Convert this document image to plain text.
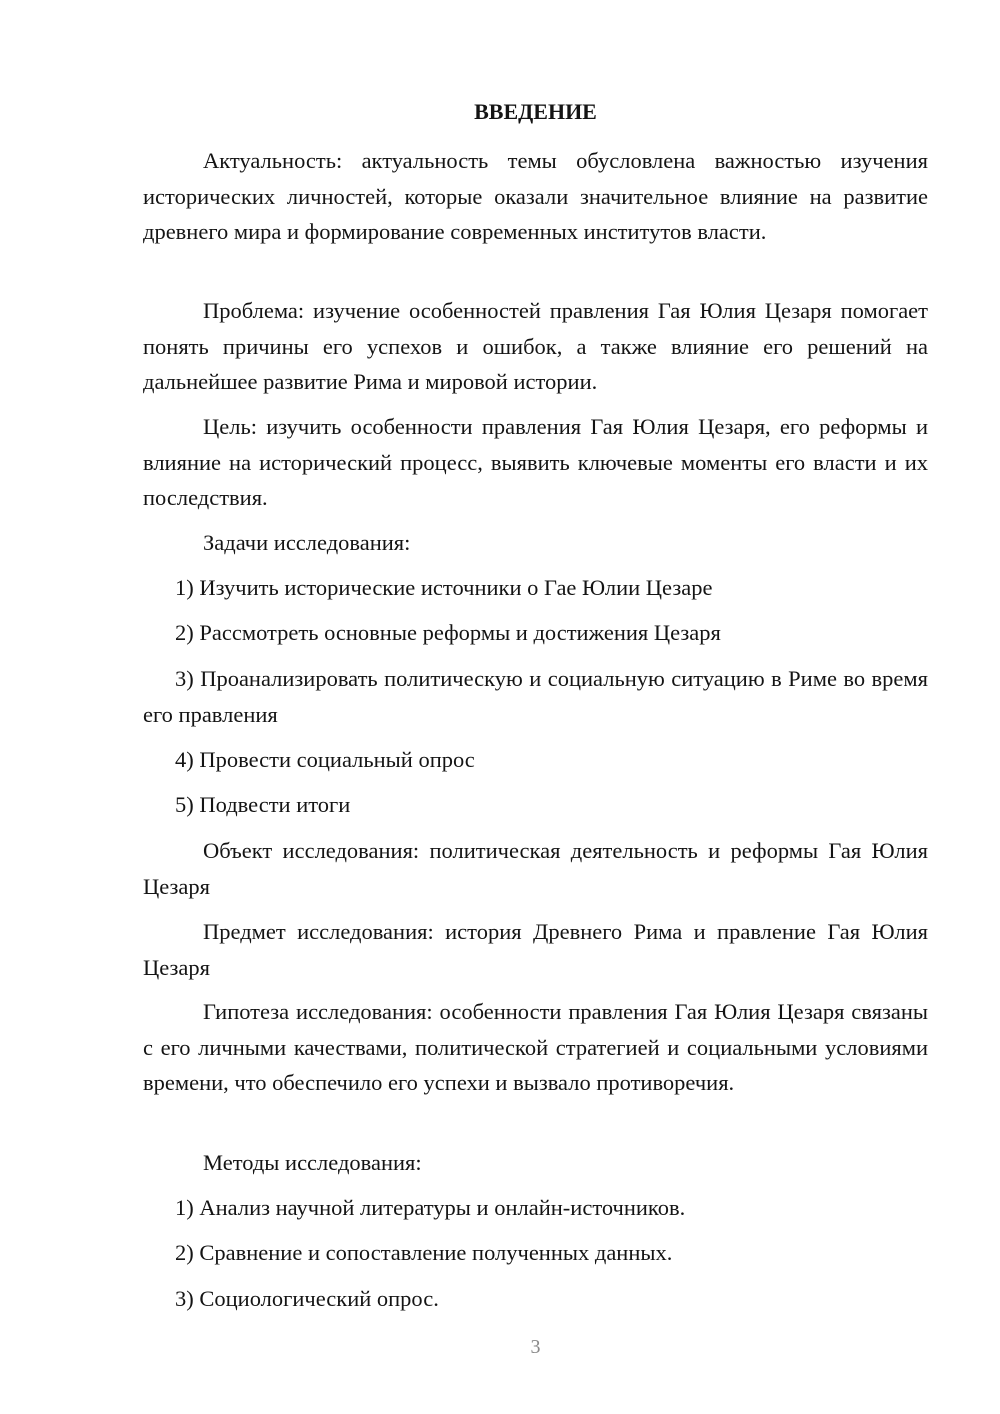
ВВЕДЕНИЕ

Актуальность: актуальность темы обусловлена важностью изучения исторических личностей, которые оказали значительное влияние на развитие древнего мира и формирование современных институтов власти.

Проблема: изучение особенностей правления Гая Юлия Цезаря помогает понять причины его успехов и ошибок, а также влияние его решений на дальнейшее развитие Рима и мировой истории.

Цель: изучить особенности правления Гая Юлия Цезаря, его реформы и влияние на исторический процесс, выявить ключевые моменты его власти и их последствия.

Задачи исследования:

1) Изучить исторические источники о Гае Юлии Цезаре

2) Рассмотреть основные реформы и достижения Цезаря

3) Проанализировать политическую и социальную ситуацию в Риме во время его правления

4) Провести социальный опрос

5) Подвести итоги

Объект исследования: политическая деятельность и реформы Гая Юлия Цезаря

Предмет исследования: история Древнего Рима и правление Гая Юлия Цезаря

Гипотеза исследования: особенности правления Гая Юлия Цезаря связаны с его личными качествами, политической стратегией и социальными условиями времени, что обеспечило его успехи и вызвало противоречия.

Методы исследования:

1) Анализ научной литературы и онлайн-источников.

2) Сравнение и сопоставление полученных данных.

3) Социологический опрос.

3
